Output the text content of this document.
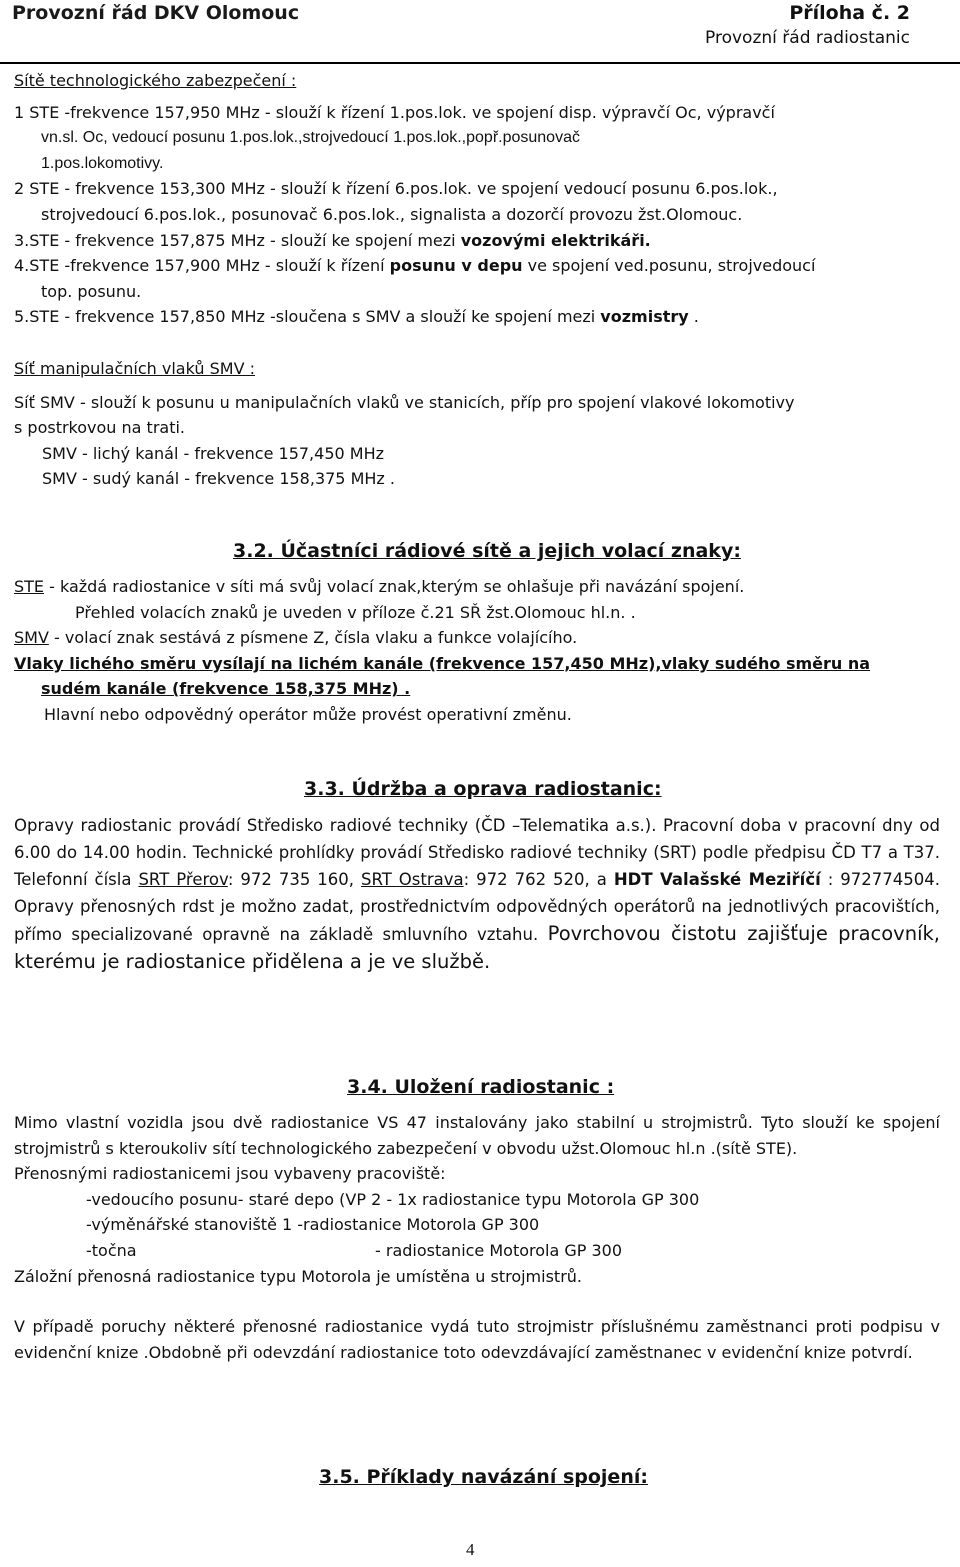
Provozní řád DKV Olomouc	Příloha č. 2
Provozní řád radiostanic
Sítě technologického zabezpečení :
1 STE -frekvence 157,950 MHz - slouží k řízení 1.pos.lok. ve spojení disp. výpravčí Oc, výpravčí
vn.sl. Oc, vedoucí posunu 1.pos.lok.,strojvedoucí 1.pos.lok.,popř.posunovač
1.pos.lokomotivy.
2 STE - frekvence 153,300 MHz - slouží k řízení 6.pos.lok. ve spojení vedoucí posunu 6.pos.lok.,
strojvedoucí 6.pos.lok., posunovač 6.pos.lok., signalista a dozorčí provozu žst.Olomouc.
3.STE - frekvence 157,875 MHz - slouží ke spojení mezi vozovými elektrikáři.
4.STE -frekvence 157,900 MHz - slouží k řízení posunu v depu ve spojení ved.posunu, strojvedoucí
top. posunu.
5.STE - frekvence 157,850 MHz -sloučena s SMV a slouží ke spojení mezi vozmistry .
Síť manipulačních vlaků SMV :
Síť SMV - slouží k posunu u manipulačních vlaků ve stanicích, příp pro spojení vlakové lokomotivy
s postrkovou na trati.
SMV - lichý kanál - frekvence 157,450 MHz
SMV - sudý kanál - frekvence 158,375 MHz .
3.2. Účastníci rádiové sítě a jejich volací znaky:
STE - každá radiostanice v síti má svůj volací znak,kterým se ohlašuje při navázání spojení.
Přehled volacích znaků je uveden v příloze č.21 SŘ žst.Olomouc hl.n. .
SMV - volací znak sestává z písmene Z, čísla vlaku a funkce volajícího.
Vlaky lichého směru vysílají na lichém kanále (frekvence 157,450 MHz),vlaky sudého směru na
sudém kanále (frekvence 158,375 MHz) .
Hlavní nebo odpovědný operátor může provést operativní změnu.
3.3. Údržba a oprava radiostanic:
Opravy radiostanic provádí Středisko radiové techniky (ČD –Telematika a.s.). Pracovní doba v pracovní dny od 6.00 do 14.00 hodin. Technické prohlídky provádí Středisko radiové techniky (SRT) podle předpisu ČD T7 a T37. Telefonní čísla SRT Přerov: 972 735 160, SRT Ostrava: 972 762 520, a HDT Valašské Meziříčí : 972774504. Opravy přenosných rdst je možno zadat, prostřednictvím odpovědných operátorů na jednotlivých pracovištích, přímo specializované opravně na základě smluvního vztahu. Povrchovou čistotu zajišťuje pracovník, kterému je radiostanice přidělena a je ve službě.
3.4. Uložení radiostanic :
Mimo vlastní vozidla jsou dvě radiostanice VS 47 instalovány jako stabilní u strojmistrů. Tyto slouží ke spojení strojmistrů s kteroukoliv sítí technologického zabezpečení v obvodu užst.Olomouc hl.n .(sítě STE).
Přenosnými radiostanicemi jsou vybaveny pracoviště:
-vedoucího posunu- staré depo (VP 2 - 1x radiostanice typu Motorola GP 300
-výměnářské stanoviště 1 -radiostanice Motorola GP 300
-točna	- radiostanice Motorola GP 300
Záložní přenosná radiostanice typu Motorola je umístěna u strojmistrů.
V případě poruchy některé přenosné radiostanice vydá tuto strojmistr příslušnému zaměstnanci proti podpisu v evidenční knize .Obdobně při odevzdání radiostanice toto odevzdávající zaměstnanec v evidenční knize potvrdí.
3.5. Příklady navázání spojení:
4
